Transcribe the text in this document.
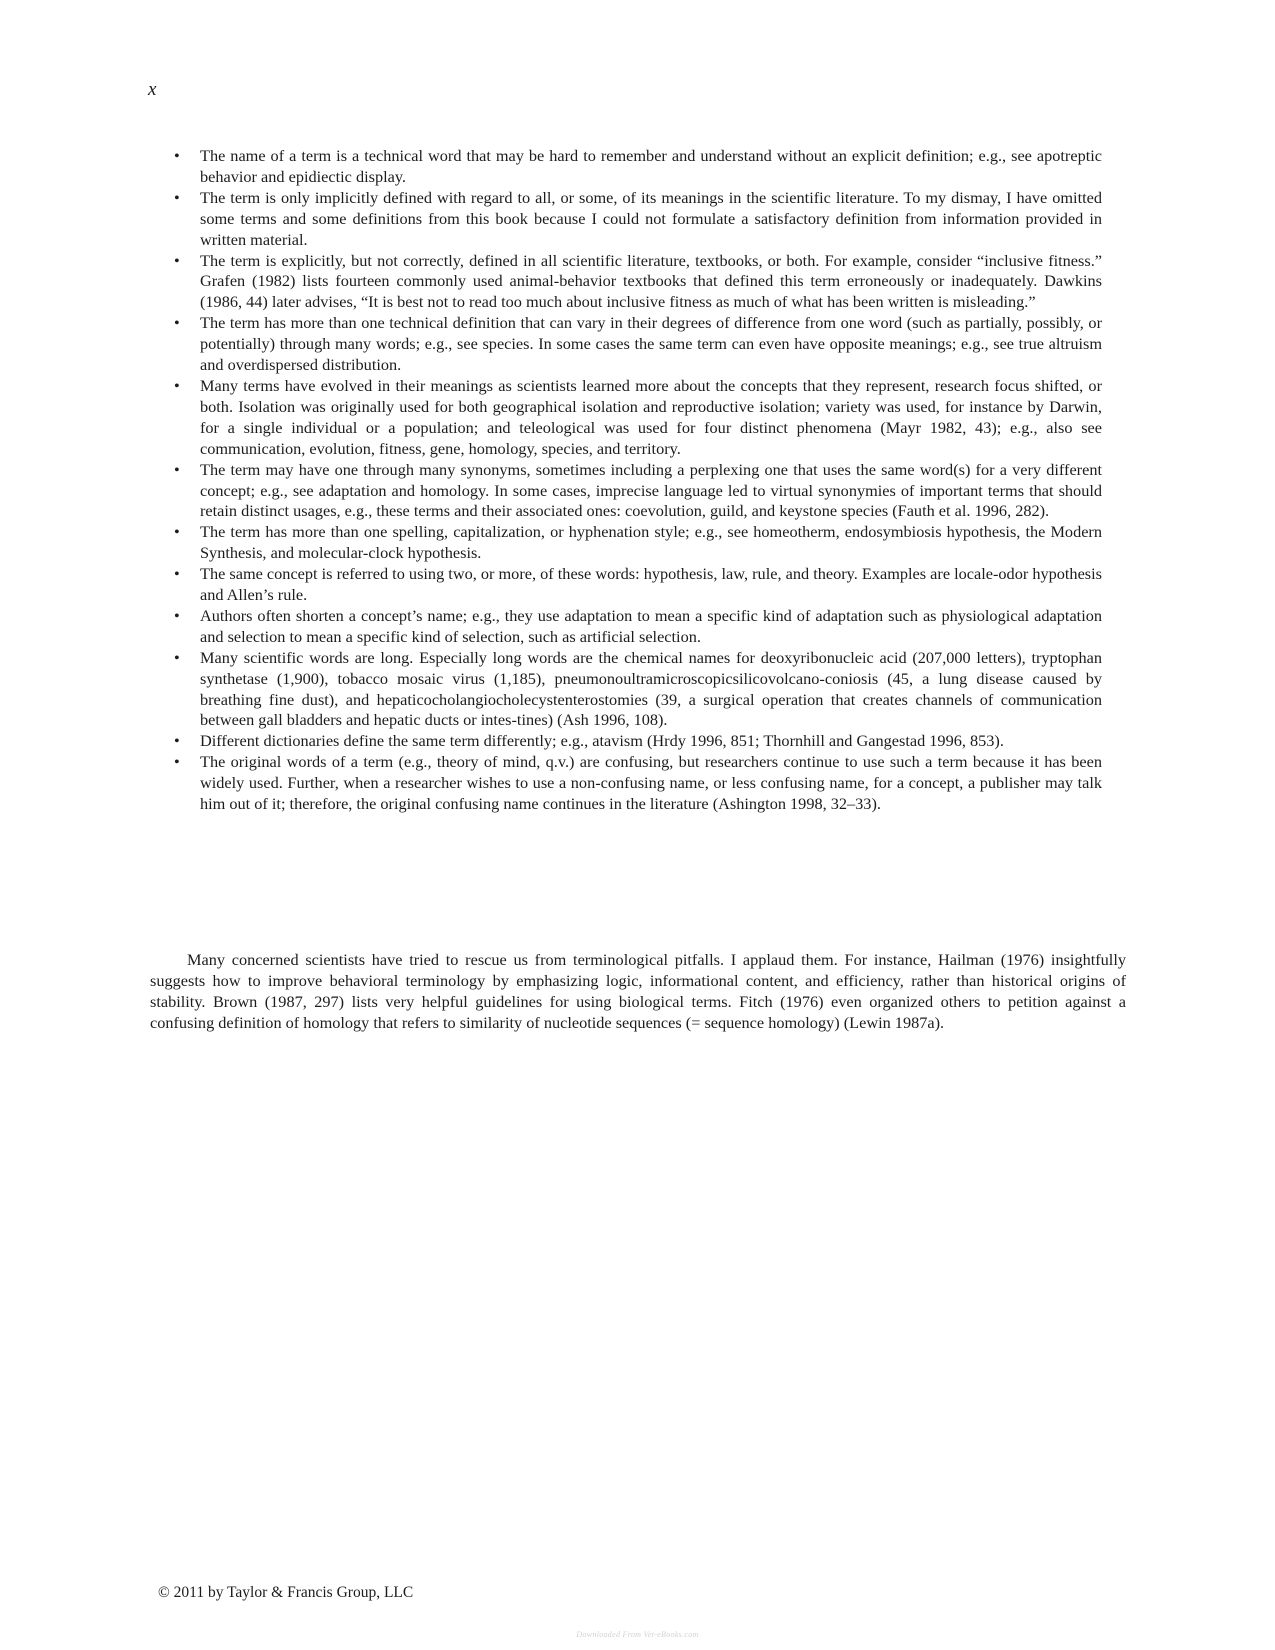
x
• The name of a term is a technical word that may be hard to remember and understand without an explicit definition; e.g., see apotreptic behavior and epidiectic display.
• The term is only implicitly defined with regard to all, or some, of its meanings in the scientific literature. To my dismay, I have omitted some terms and some definitions from this book because I could not formulate a satisfactory definition from information provided in written material.
• The term is explicitly, but not correctly, defined in all scientific literature, textbooks, or both. For example, consider “inclusive fitness.” Grafen (1982) lists fourteen commonly used animal-behavior textbooks that defined this term erroneously or inadequately. Dawkins (1986, 44) later advises, “It is best not to read too much about inclusive fitness as much of what has been written is misleading.”
• The term has more than one technical definition that can vary in their degrees of difference from one word (such as partially, possibly, or potentially) through many words; e.g., see species. In some cases the same term can even have opposite meanings; e.g., see true altruism and overdispersed distribution.
• Many terms have evolved in their meanings as scientists learned more about the concepts that they represent, research focus shifted, or both. Isolation was originally used for both geographical isolation and reproductive isolation; variety was used, for instance by Darwin, for a single individual or a population; and teleological was used for four distinct phenomena (Mayr 1982, 43); e.g., also see communication, evolution, fitness, gene, homology, species, and territory.
• The term may have one through many synonyms, sometimes including a perplexing one that uses the same word(s) for a very different concept; e.g., see adaptation and homology. In some cases, imprecise language led to virtual synonymies of important terms that should retain distinct usages, e.g., these terms and their associated ones: coevolution, guild, and keystone species (Fauth et al. 1996, 282).
• The term has more than one spelling, capitalization, or hyphenation style; e.g., see homeotherm, endosymbiosis hypothesis, the Modern Synthesis, and molecular-clock hypothesis.
• The same concept is referred to using two, or more, of these words: hypothesis, law, rule, and theory. Examples are locale-odor hypothesis and Allen’s rule.
• Authors often shorten a concept’s name; e.g., they use adaptation to mean a specific kind of adaptation such as physiological adaptation and selection to mean a specific kind of selection, such as artificial selection.
• Many scientific words are long. Especially long words are the chemical names for deoxyribonucleic acid (207,000 letters), tryptophan synthetase (1,900), tobacco mosaic virus (1,185), pneumonoultramicroscopicsilicovolcano-coniosis (45, a lung disease caused by breathing fine dust), and hepaticocholangiocholecystenterostomies (39, a surgical operation that creates channels of communication between gall bladders and hepatic ducts or intes-tines) (Ash 1996, 108).
• Different dictionaries define the same term differently; e.g., atavism (Hrdy 1996, 851; Thornhill and Gangestad 1996, 853).
• The original words of a term (e.g., theory of mind, q.v.) are confusing, but researchers continue to use such a term because it has been widely used. Further, when a researcher wishes to use a non-confusing name, or less confusing name, for a concept, a publisher may talk him out of it; therefore, the original confusing name continues in the literature (Ashington 1998, 32–33).

Many concerned scientists have tried to rescue us from terminological pitfalls. I applaud them. For instance, Hailman (1976) insightfully suggests how to improve behavioral terminology by emphasizing logic, informational content, and efficiency, rather than historical origins of stability. Brown (1987, 297) lists very helpful guidelines for using biological terms. Fitch (1976) even organized others to petition against a confusing definition of homology that refers to similarity of nucleotide sequences (= sequence homology) (Lewin 1987a).

© 2011 by Taylor & Francis Group, LLC
Downloaded From Vet-eBooks.com
